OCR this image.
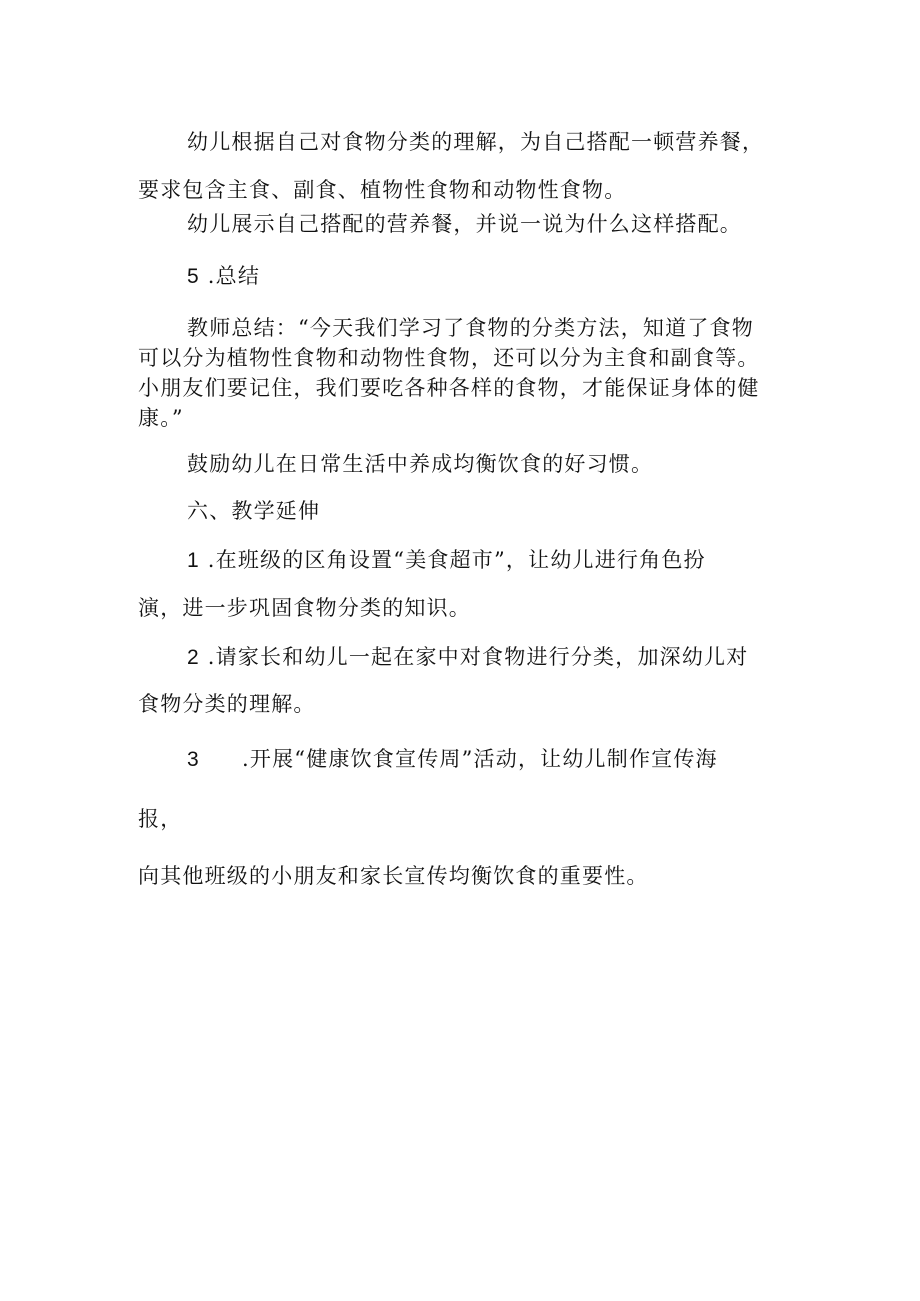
幼儿根据自己对食物分类的理解，为自己搭配一顿营养餐，
要求包含主食、副食、植物性食物和动物性食物。
幼儿展示自己搭配的营养餐，并说一说为什么这样搭配。
5 .总结
教师总结：“今天我们学习了食物的分类方法，知道了食物
可以分为植物性食物和动物性食物，还可以分为主食和副食等。
小朋友们要记住，我们要吃各种各样的食物，才能保证身体的健
康。”
鼓励幼儿在日常生活中养成均衡饮食的好习惯。
六、教学延伸
1 .在班级的区角设置“美食超市”，让幼儿进行角色扮
演，进一步巩固食物分类的知识。
2 .请家长和幼儿一起在家中对食物进行分类，加深幼儿对
食物分类的理解。
3 .开展“健康饮食宣传周”活动，让幼儿制作宣传海
报，
向其他班级的小朋友和家长宣传均衡饮食的重要性。
